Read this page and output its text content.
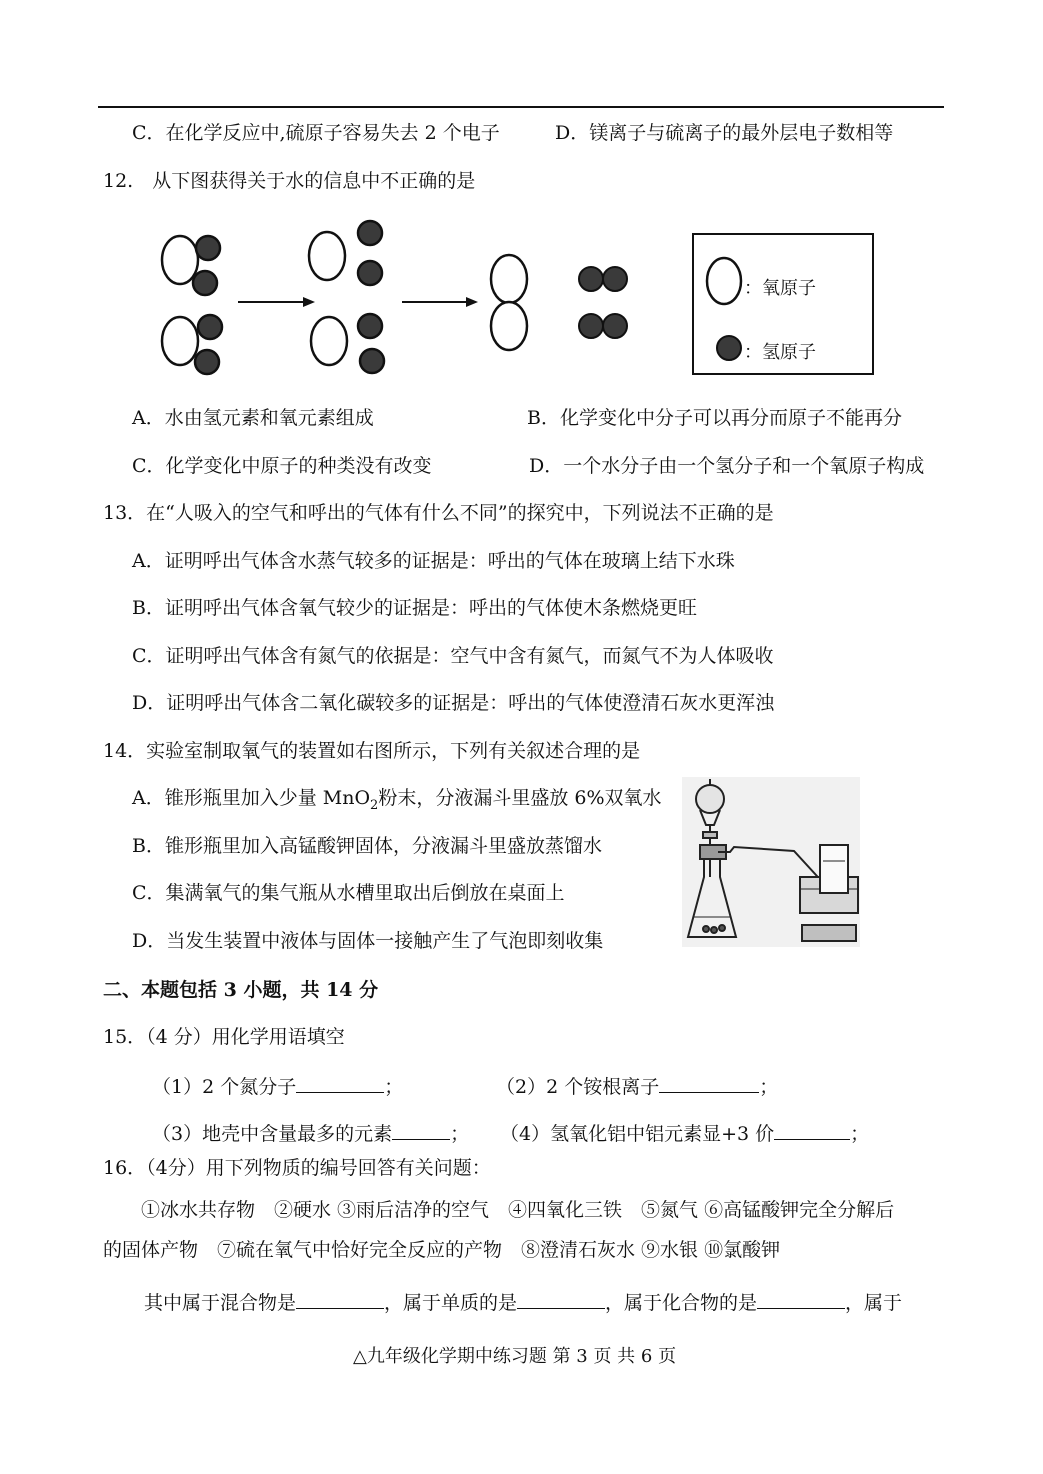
C．在化学反应中,硫原子容易失去 2 个电子	D．镁离子与硫离子的最外层电子数相等
12.　从下图获得关于水的信息中不正确的是
：氧原子
：氢原子
A．水由氢元素和氧元素组成	B．化学变化中分子可以再分而原子不能再分
C．化学变化中原子的种类没有改变	D．一个水分子由一个氢分子和一个氧原子构成
13．在“人吸入的空气和呼出的气体有什么不同”的探究中，下列说法不正确的是
A．证明呼出气体含水蒸气较多的证据是：呼出的气体在玻璃上结下水珠
B．证明呼出气体含氧气较少的证据是：呼出的气体使木条燃烧更旺
C．证明呼出气体含有氮气的依据是：空气中含有氮气，而氮气不为人体吸收
D．证明呼出气体含二氧化碳较多的证据是：呼出的气体使澄清石灰水更浑浊
14．实验室制取氧气的装置如右图所示，下列有关叙述合理的是
A．锥形瓶里加入少量 MnO$_2$粉末，分液漏斗里盛放 6%双氧水
B．锥形瓶里加入高锰酸钾固体，分液漏斗里盛放蒸馏水
C．集满氧气的集气瓶从水槽里取出后倒放在桌面上
D．当发生装置中液体与固体一接触产生了气泡即刻收集
二、本题包括 3 小题，共 14 分
15．（4 分）用化学用语填空
（1）2 个氮分子	；	（2）2 个铵根离子	；
（3）地壳中含量最多的元素	； （4）氢氧化铝中铝元素显+3 价	；
16．（4分）用下列物质的编号回答有关问题：
①冰水共存物　②硬水 ③雨后洁净的空气　④四氧化三铁　⑤氮气 ⑥高锰酸钾完全分解后
的固体产物　⑦硫在氧气中恰好完全反应的产物　⑧澄清石灰水 ⑨水银 ⑩氯酸钾
其中属于混合物是	，属于单质的是	，属于化合物的是	，属于
△九年级化学期中练习题 第 3 页 共 6 页
